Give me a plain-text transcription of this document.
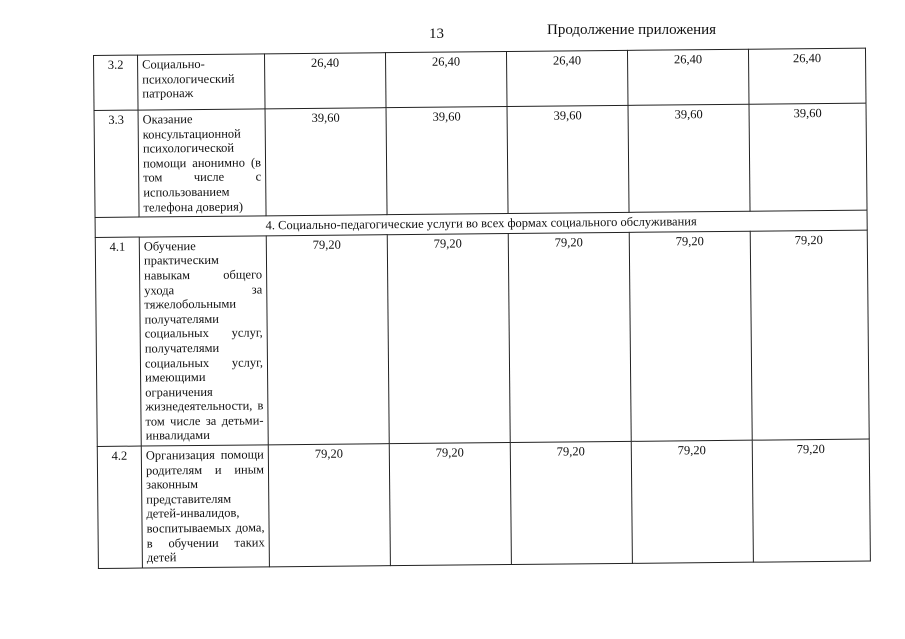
13	Продолжение приложения
3.2	Социально-психологический патронаж	26,40	26,40	26,40	26,40	26,40
3.3	Оказание консультационной психологической помощи анонимно (в том числе с использованием телефона доверия)	39,60	39,60	39,60	39,60	39,60
4. Социально-педагогические услуги во всех формах социального обслуживания						
4.1	Обучение практическим навыкам общего ухода за тяжелобольными получателями социальных услуг, получателями социальных услуг, имеющими ограничения жизнедеятельности, в том числе за детьми-инвалидами	79,20	79,20	79,20	79,20	79,20
4.2	Организация помощи родителям и иным законным представителям детей-инвалидов, воспитываемых дома, в обучении таких детей	79,20	79,20	79,20	79,20	79,20
